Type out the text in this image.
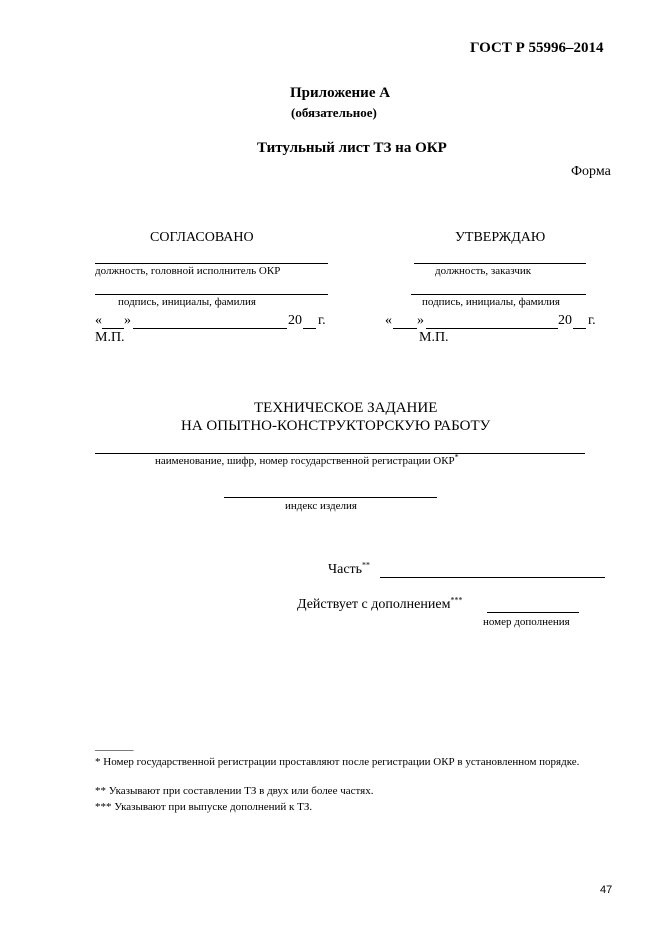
ГОСТ Р 55996–2014
Приложение А
(обязательное)
Титульный лист ТЗ на ОКР
Форма
СОГЛАСОВАНО
должность, головной исполнитель ОКР
подпись, инициалы, фамилия
« »	20 г.
М.П.
УТВЕРЖДАЮ
должность, заказчик
подпись, инициалы, фамилия
« »	20 г.
М.П.
ТЕХНИЧЕСКОЕ ЗАДАНИЕ
НА ОПЫТНО-КОНСТРУКТОРСКУЮ РАБОТУ
наименование, шифр, номер государственной регистрации ОКР*
индекс изделия
Часть**
Действует с дополнением***
номер дополнения
_______
* Номер государственной регистрации проставляют после регистрации ОКР в установленном порядке.
** Указывают при составлении ТЗ в двух или более частях.
*** Указывают при выпуске дополнений к ТЗ.
47
